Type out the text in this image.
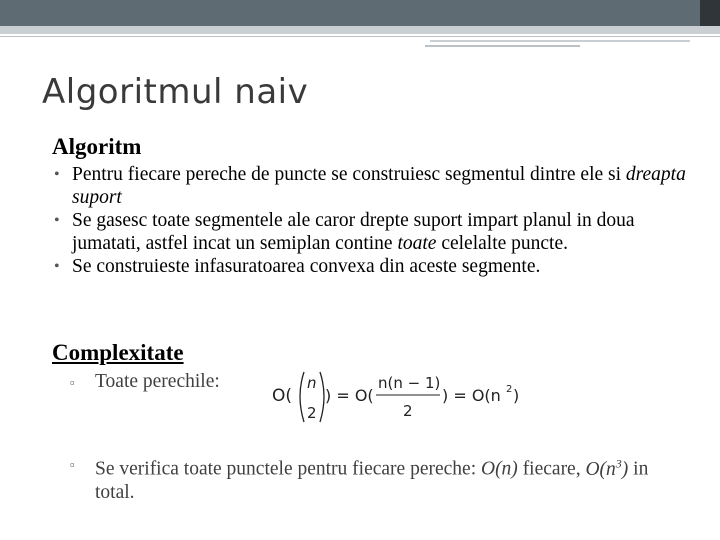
Algoritmul naiv
Algoritm
• Pentru fiecare pereche de puncte se construiesc segmentul dintre ele si dreapta suport
• Se gasesc toate segmentele ale caror drepte suport impart planul in doua jumatati, astfel incat un semiplan contine toate celelalte puncte.
• Se construieste infasuratoarea convexa din aceste segmente.
Complexitate
▫	Toate perechile:
O(
n
2
) = O(
n(n − 1)
2
) = O(n 2 )
▫	Se verifica toate punctele pentru fiecare pereche: O(n) fiecare, $O(n^3)$ in total.
